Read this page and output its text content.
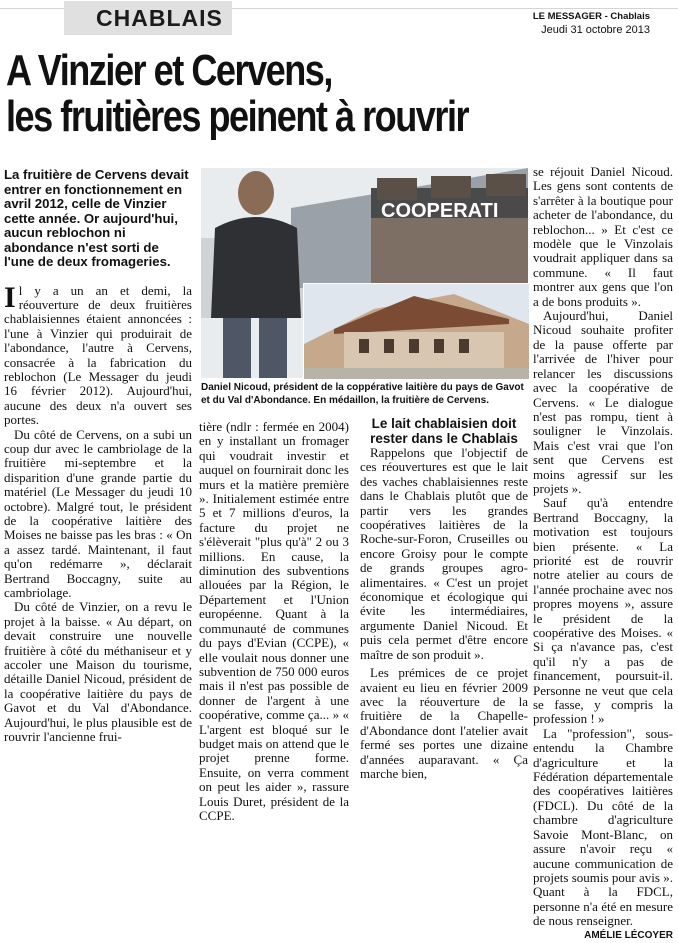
CHABLAIS	LE MESSAGER - Chablais
Jeudi 31 octobre 2013
A Vinzier et Cervens,
les fruitières peinent à rouvrir

La fruitière de Cervens devait entrer en fonctionnement en avril 2012, celle de Vinzier cette année. Or aujourd'hui, aucun reblochon ni abondance n'est sorti de l'une de deux fromageries.

Il y a un an et demi, la réouverture de deux fruitières chablaisiennes étaient annoncées : l'une à Vinzier qui produirait de l'abondance, l'autre à Cervens, consacrée à la fabrication du reblochon (Le Messager du jeudi 16 février 2012). Aujourd'hui, aucune des deux n'a ouvert ses portes.

Du côté de Cervens, on a subi un coup dur avec le cambriolage de la fruitière mi-septembre et la disparition d'une grande partie du matériel (Le Messager du jeudi 10 octobre). Malgré tout, le président de la coopérative laitière des Moises ne baisse pas les bras : « On a assez tardé. Maintenant, il faut qu'on redémarre », déclarait Bertrand Boccagny, suite au cambriolage.

Du côté de Vinzier, on a revu le projet à la baisse. « Au départ, on devait construire une nouvelle fruitière à côté du méthaniseur et y accoler une Maison du tourisme, détaille Daniel Nicoud, président de la coopérative laitière du pays de Gavot et du Val d'Abondance. Aujourd'hui, le plus plausible est de rouvrir l'ancienne frui-

COOPERATI
Daniel Nicoud, président de la coppérative laitière du pays de Gavot et du Val d'Abondance. En médaillon, la fruitière de Cervens.

tière (ndlr : fermée en 2004) en y installant un fromager qui voudrait investir et auquel on fournirait donc les murs et la matière première ». Initialement estimée entre 5 et 7 millions d'euros, la facture du projet ne s'élèverait "plus qu'à" 2 ou 3 millions. En cause, la diminution des subventions allouées par la Région, le Département et l'Union européenne. Quant à la communauté de communes du pays d'Evian (CCPE), « elle voulait nous donner une subvention de 750 000 euros mais il n'est pas possible de donner de l'argent à une coopérative, comme ça... » « L'argent est bloqué sur le budget mais on attend que le projet prenne forme. Ensuite, on verra comment on peut les aider », rassure Louis Duret, président de la CCPE.

Le lait chablaisien doit rester dans le Chablais

Rappelons que l'objectif de ces réouvertures est que le lait des vaches chablaisiennes reste dans le Chablais plutôt que de partir vers les grandes coopératives laitières de la Roche-sur-Foron, Cruseilles ou encore Groisy pour le compte de grands groupes agro-alimentaires. « C'est un projet économique et écologique qui évite les intermédiaires, argumente Daniel Nicoud. Et puis cela permet d'être encore maître de son produit ».

Les prémices de ce projet avaient eu lieu en février 2009 avec la réouverture de la fruitière de la Chapelle-d'Abondance dont l'atelier avait fermé ses portes une dizaine d'années auparavant. « Ça marche bien,

se réjouit Daniel Nicoud. Les gens sont contents de s'arrêter à la boutique pour acheter de l'abondance, du reblochon... » Et c'est ce modèle que le Vinzolais voudrait appliquer dans sa commune. « Il faut montrer aux gens que l'on a de bons produits ».

Aujourd'hui, Daniel Nicoud souhaite profiter de la pause offerte par l'arrivée de l'hiver pour relancer les discussions avec la coopérative de Cervens. « Le dialogue n'est pas rompu, tient à souligner le Vinzolais. Mais c'est vrai que l'on sent que Cervens est moins agressif sur les projets ».

Sauf qu'à entendre Bertrand Boccagny, la motivation est toujours bien présente. « La priorité est de rouvrir notre atelier au cours de l'année prochaine avec nos propres moyens », assure le président de la coopérative des Moises. « Si ça n'avance pas, c'est qu'il n'y a pas de financement, poursuit-il. Personne ne veut que cela se fasse, y compris la profession ! »

La "profession", sous-entendu la Chambre d'agriculture et la Fédération départementale des coopératives laitières (FDCL). Du côté de la chambre d'agriculture Savoie Mont-Blanc, on assure n'avoir reçu « aucune communication de projets soumis pour avis ». Quant à la FDCL, personne n'a été en mesure de nous renseigner.

AMÉLIE LÉCOYER
